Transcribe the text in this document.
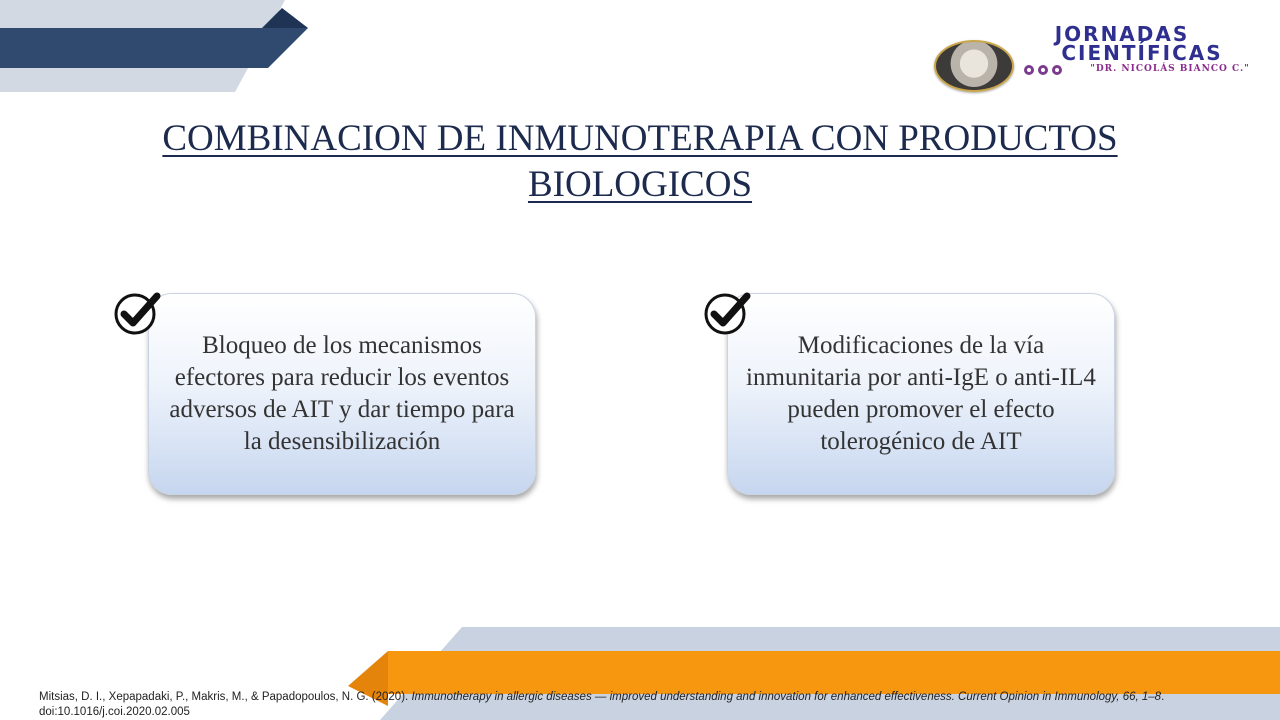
JORNADAS
CIENTÍFICAS
"DR. NICOLÁS BIANCO C."
COMBINACION DE INMUNOTERAPIA CON PRODUCTOS
BIOLOGICOS
Bloqueo de los mecanismos efectores para reducir los eventos adversos de AIT y dar tiempo para la desensibilización
Modificaciones de la vía inmunitaria por anti-IgE o anti-IL4 pueden promover el efecto tolerogénico de AIT
Mitsias, D. I., Xepapadaki, P., Makris, M., & Papadopoulos, N. G. (2020). Immunotherapy in allergic diseases — improved understanding and innovation for enhanced effectiveness. Current Opinion in Immunology, 66, 1–8. doi:10.1016/j.coi.2020.02.005
